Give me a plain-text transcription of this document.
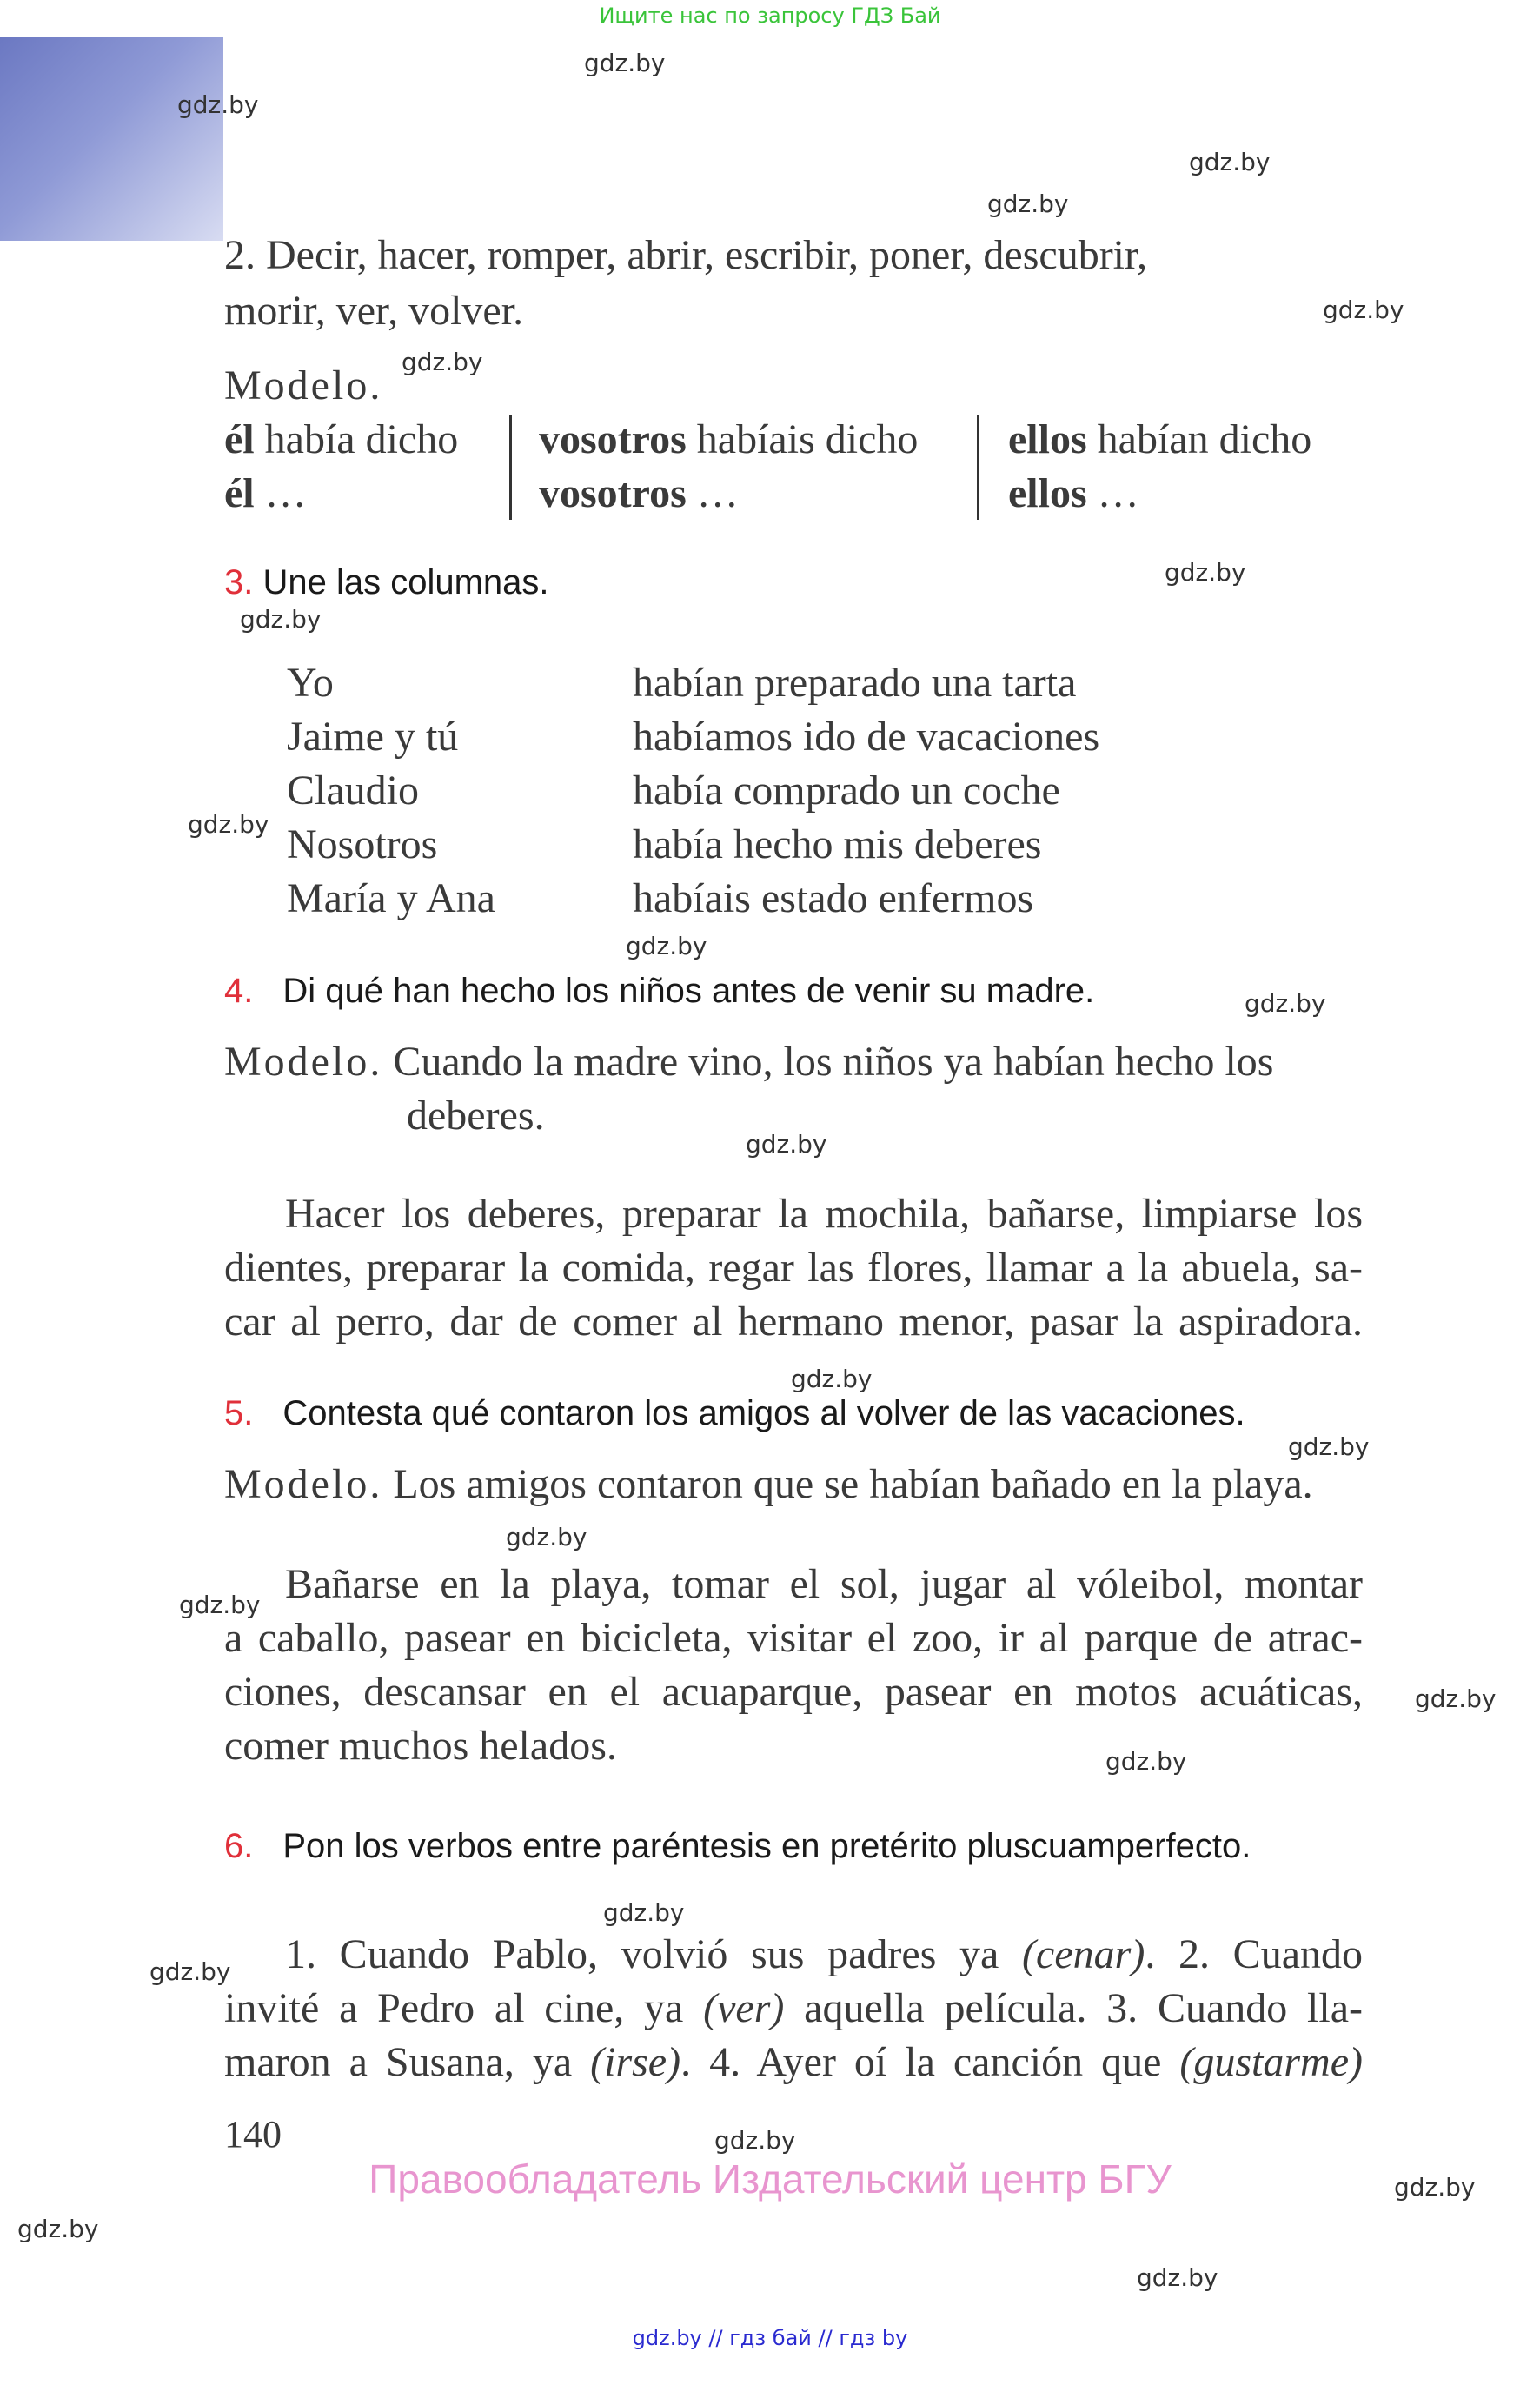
Ищите нас по запросу ГДЗ Бай
gdz.by
gdz.by
gdz.by
gdz.by
gdz.by
gdz.by
gdz.by
gdz.by
gdz.by
gdz.by
gdz.by
gdz.by
gdz.by
gdz.by
gdz.by
gdz.by
gdz.by
gdz.by
gdz.by
gdz.by
gdz.by
gdz.by
gdz.by
gdz.by
2. Decir, hacer, romper, abrir, escribir, poner, descubrir,
morir, ver, volver.
Modelo.
él había dicho
él …
vosotros habíais dicho
vosotros …
ellos habían dicho
ellos …
3. Une las columnas.
Yo
Jaime y tú
Claudio
Nosotros
María y Ana
habían preparado una tarta
habíamos ido de vacaciones
había comprado un coche
había hecho mis deberes
habíais estado enfermos
4. Di qué han hecho los niños antes de venir su madre.
Modelo. Cuando la madre vino, los niños ya habían hecho los
deberes.
Hacer los deberes, preparar la mochila, bañarse, limpiarse los
dientes, preparar la comida, regar las flores, llamar a la abuela, sa-
car al perro, dar de comer al hermano menor, pasar la aspiradora.
5. Contesta qué contaron los amigos al volver de las vacaciones.
Modelo. Los amigos contaron que se habían bañado en la playa.
Bañarse en la playa, tomar el sol, jugar al vóleibol, montar
a caballo, pasear en bicicleta, visitar el zoo, ir al parque de atrac-
ciones, descansar en el acuaparque, pasear en motos acuáticas,
comer muchos helados.
6. Pon los verbos entre paréntesis en pretérito pluscuamperfecto.
1. Cuando Pablo, volvió sus padres ya (cenar). 2. Cuando
invité a Pedro al cine, ya (ver) aquella película. 3. Cuando lla-
maron a Susana, ya (irse). 4. Ayer oí la canción que (gustarme)
140
Правообладатель Издательский центр БГУ
gdz.by // гдз бай // гдз by
